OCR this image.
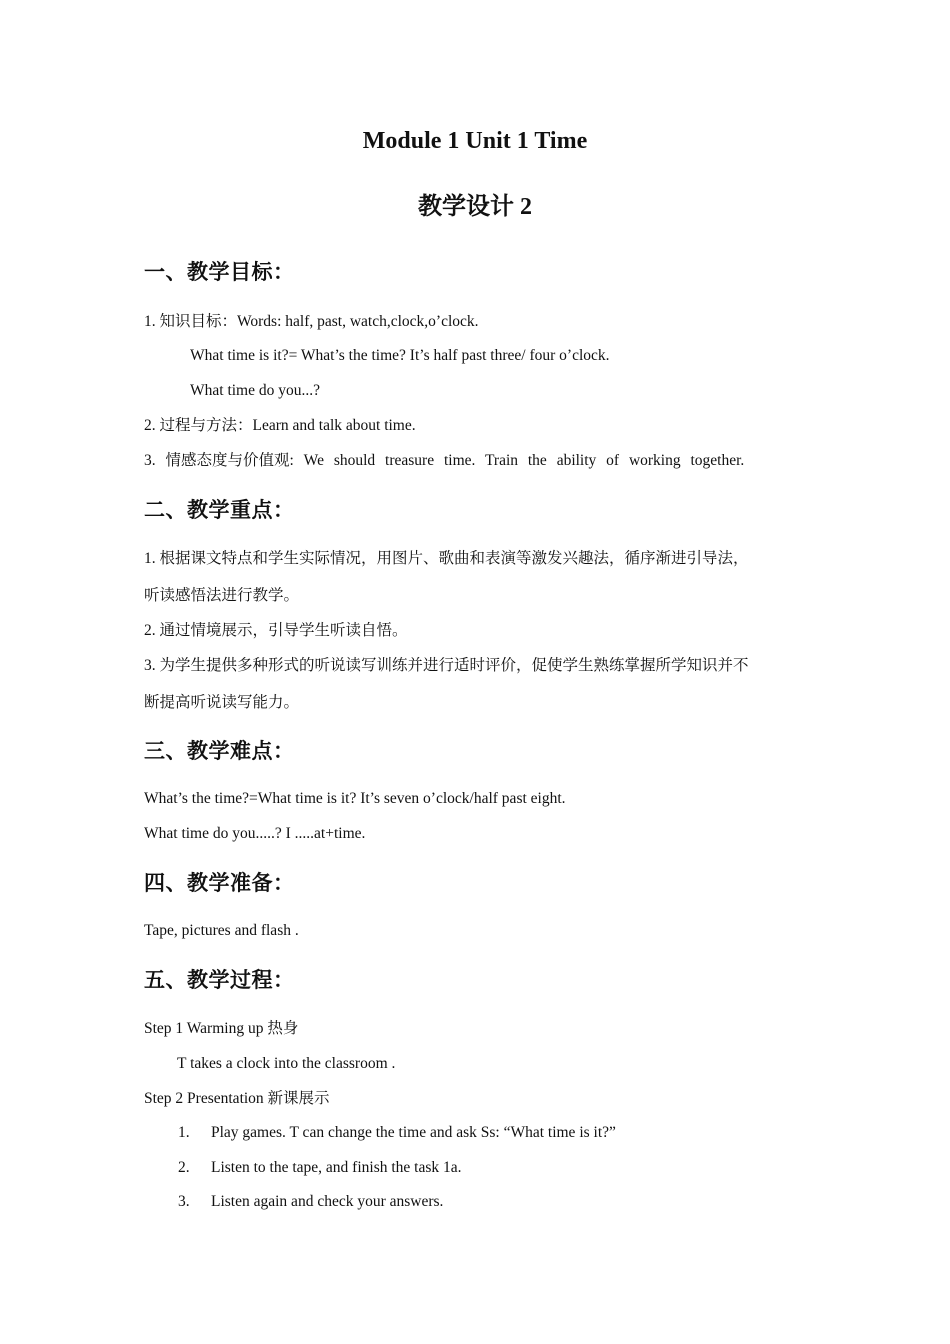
Module 1 Unit 1 Time
教学设计 2
一、教学目标：
1. 知识目标：Words: half, past, watch,clock,o’clock.
What time is it?= What’s the time? It’s half past three/ four o’clock.
What time do you...?
2. 过程与方法：Learn and talk about time.
3. 情感态度与价值观: We should treasure time. Train the ability of working together.
二、教学重点：
1. 根据课文特点和学生实际情况，用图片、歌曲和表演等激发兴趣法，循序渐进引导法，
听读感悟法进行教学。
2. 通过情境展示，引导学生听读自悟。
3. 为学生提供多种形式的听说读写训练并进行适时评价，促使学生熟练掌握所学知识并不
断提高听说读写能力。
三、教学难点：
What’s the time?=What time is it? It’s seven o’clock/half past eight.
What time do you.....? I .....at+time.
四、教学准备：
Tape, pictures and flash .
五、教学过程：
Step 1 Warming up 热身
T takes a clock into the classroom .
Step 2 Presentation 新课展示
1. Play games. T can change the time and ask Ss: “What time is it?”
2. Listen to the tape, and finish the task 1a.
3. Listen again and check your answers.
